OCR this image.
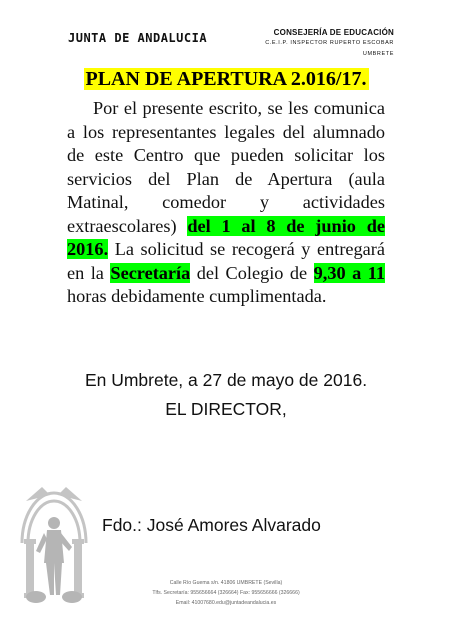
JUNTA DE ANDALUCIA	CONSEJERÍA DE EDUCACIÓN
C.E.I.P. INSPECTOR RUPERTO ESCOBAR
UMBRETE
PLAN DE APERTURA 2.016/17.
Por el presente escrito, se les comunica a los representantes legales del alumnado de este Centro que pueden solicitar los servicios del Plan de Apertura (aula Matinal, comedor y actividades extraescolares) del 1 al 8 de junio de 2016. La solicitud se recogerá y entregará en la Secretaría del Colegio de 9,30 a 11 horas debidamente cumplimentada.
En Umbrete, a 27 de mayo de 2016.
EL DIRECTOR,
Fdo.: José Amores Alvarado
Calle Río Guema s/n. 41806 UMBRETE (Sevilla)
Tlfs. Secretaría: 955656664 (326664) Fax: 955656666 (326666)
Email: 41007680.edu@juntadeandalucia.es
